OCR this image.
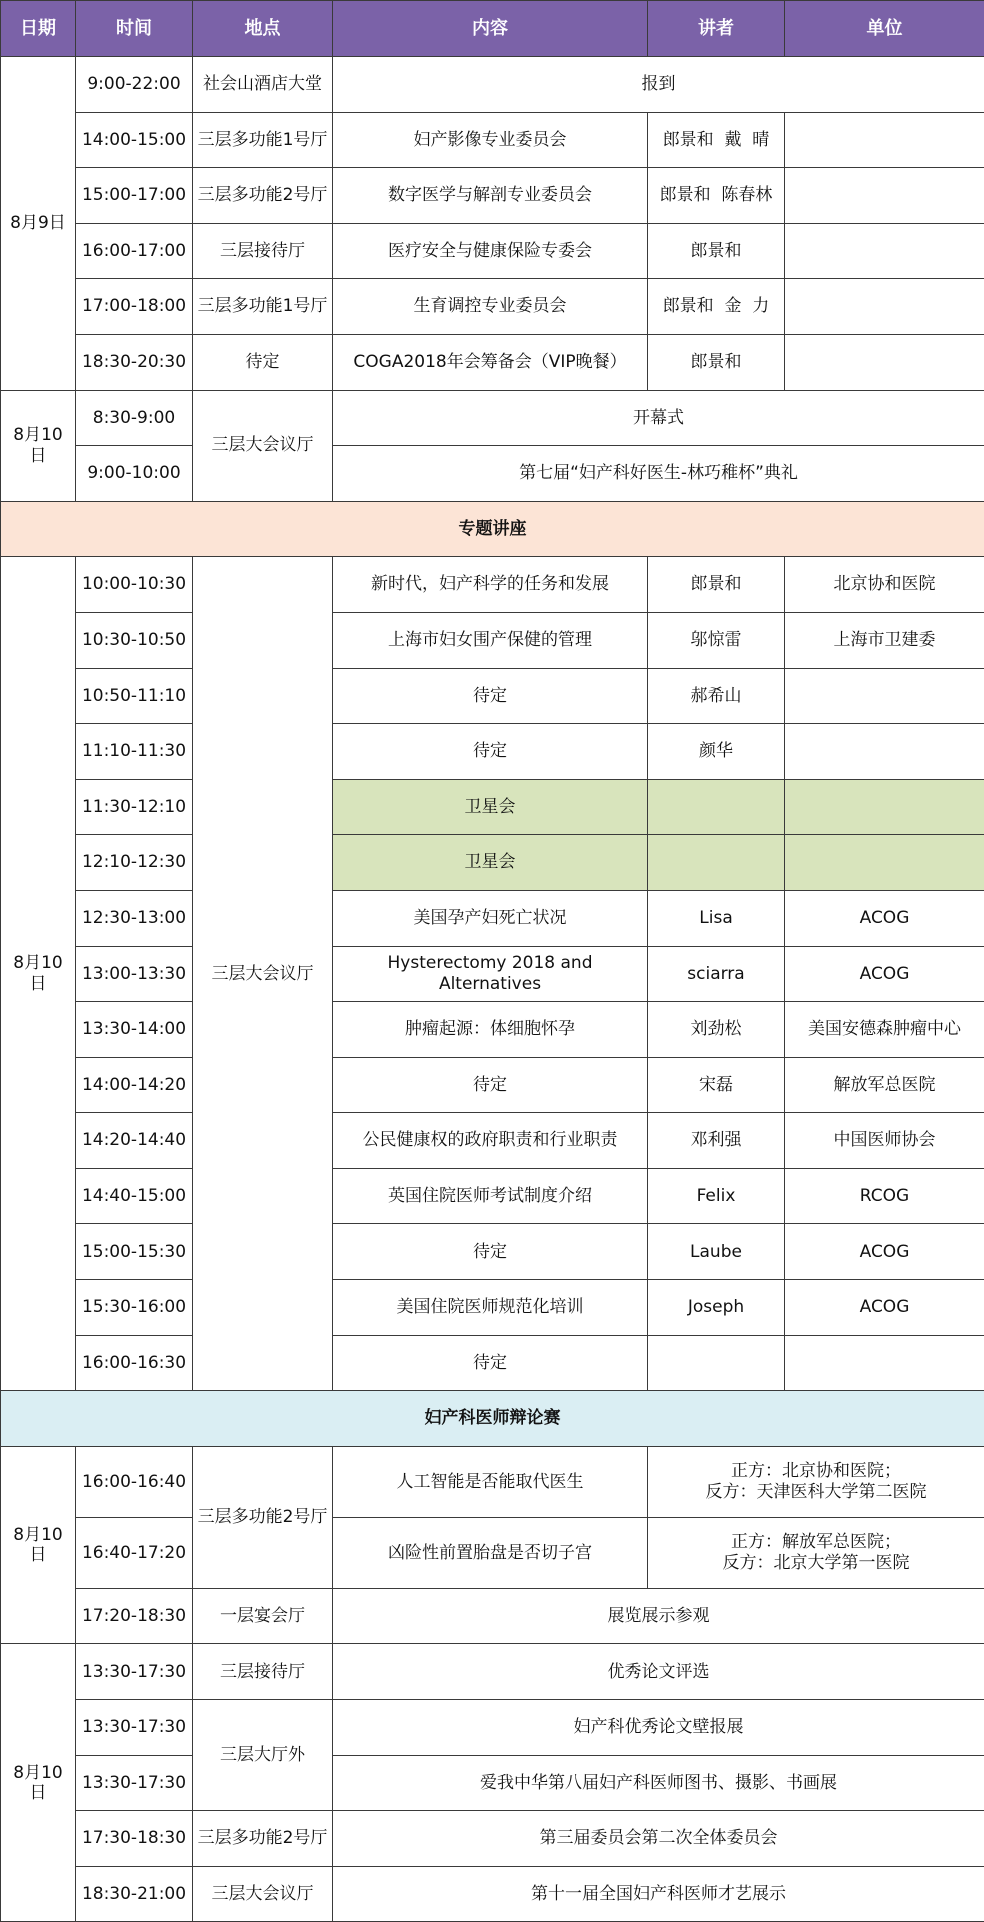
日期	时间	地点	内容	讲者	单位
8月9日	9:00-22:00	社会山酒店大堂	报到		
	14:00-15:00	三层多功能1号厅	妇产影像专业委员会	郎景和  戴  晴	
	15:00-17:00	三层多功能2号厅	数字医学与解剖专业委员会	郎景和  陈春林	
	16:00-17:00	三层接待厅	医疗安全与健康保险专委会	郎景和	
	17:00-18:00	三层多功能1号厅	生育调控专业委员会	郎景和  金  力	
	18:30-20:30	待定	COGA2018年会筹备会（VIP晚餐）	郎景和	
8月10日	8:30-9:00	三层大会议厅	开幕式		
	9:00-10:00		第七届“妇产科好医生-林巧稚杯”典礼		
专题讲座					
8月10日	10:00-10:30	三层大会议厅	新时代，妇产科学的任务和发展	郎景和	北京协和医院
	10:30-10:50		上海市妇女围产保健的管理	邬惊雷	上海市卫建委
	10:50-11:10		待定	郝希山	
	11:10-11:30		待定	颜华	
	11:30-12:10		卫星会		
	12:10-12:30		卫星会		
	12:30-13:00		美国孕产妇死亡状况	Lisa	ACOG
	13:00-13:30		Hysterectomy 2018 and Alternatives	sciarra	ACOG
	13:30-14:00		肿瘤起源：体细胞怀孕	刘劲松	美国安德森肿瘤中心
	14:00-14:20		待定	宋磊	解放军总医院
	14:20-14:40		公民健康权的政府职责和行业职责	邓利强	中国医师协会
	14:40-15:00		英国住院医师考试制度介绍	Felix	RCOG
	15:00-15:30		待定	Laube	ACOG
	15:30-16:00		美国住院医师规范化培训	Joseph	ACOG
	16:00-16:30		待定		
妇产科医师辩论赛					
8月10日	16:00-16:40	三层多功能2号厅	人工智能是否能取代医生	正方：北京协和医院；
反方：天津医科大学第二医院	

	16:40-17:20		凶险性前置胎盘是否切子宫	正方：解放军总医院；
反方：北京大学第一医院	

	17:20-18:30	一层宴会厅	展览展示参观		
8月10日	13:30-17:30	三层接待厅	优秀论文评选		
	13:30-17:30	三层大厅外	妇产科优秀论文壁报展		
	13:30-17:30		爱我中华第八届妇产科医师图书、摄影、书画展		
	17:30-18:30	三层多功能2号厅	第三届委员会第二次全体委员会		
	18:30-21:00	三层大会议厅	第十一届全国妇产科医师才艺展示		
